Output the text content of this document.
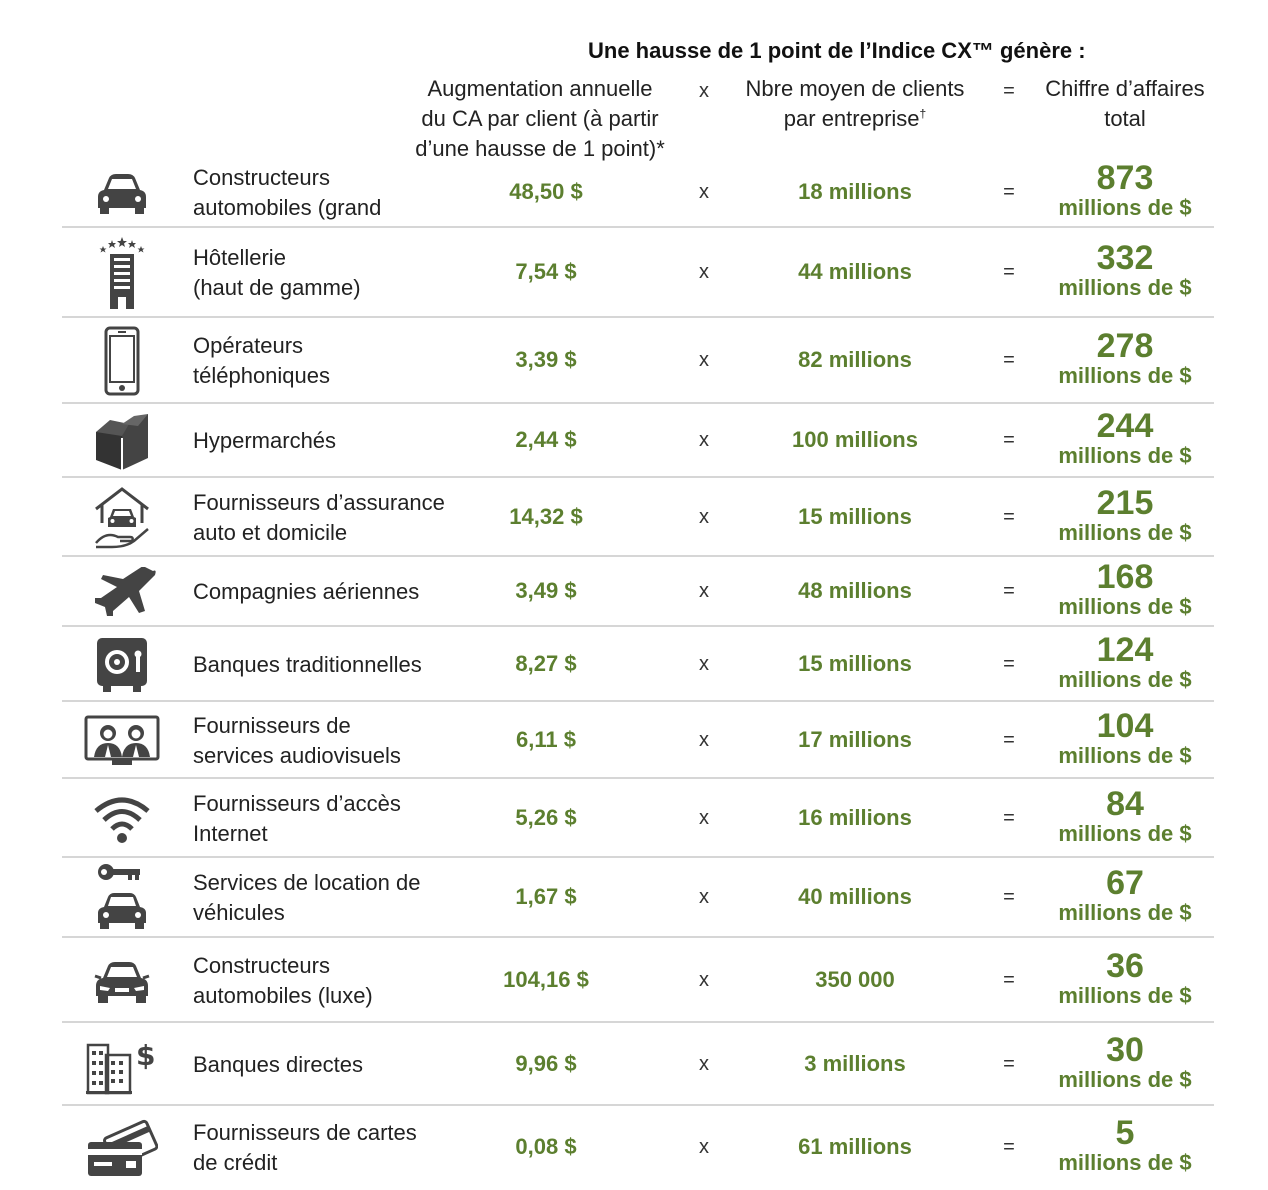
Une hausse de 1 point de l’Indice CX™ génère :
Augmentation annuelle
du CA par client (à partir
d’une hausse de 1 point)*
x	Nbre moyen de clients
par entreprise†
=	Chiffre d’affaires
total
Constructeurs
automobiles (grand
48,50 $	x	18 millions	=	873
millions de $
Hôtellerie
(haut de gamme)
7,54 $	x	44 millions	=	332
millions de $
Opérateurs
téléphoniques
3,39 $	x	82 millions	=	278
millions de $
Hypermarchés	2,44 $	x	100 millions	=	244
millions de $
Fournisseurs d’assurance
auto et domicile
14,32 $	x	15 millions	=	215
millions de $
Compagnies aériennes	3,49 $	x	48 millions	=	168
millions de $
Banques traditionnelles	8,27 $	x	15 millions	=	124
millions de $
Fournisseurs de
services audiovisuels
6,11 $	x	17 millions	=	104
millions de $
Fournisseurs d’accès
Internet
5,26 $	x	16 millions	=	84
millions de $
Services de location de
véhicules
1,67 $	x	40 millions	=	67
millions de $
Constructeurs
automobiles (luxe)
104,16 $	x	350 000	=	36
millions de $
$ Banques directes	9,96 $	x	3 millions	=	30
millions de $
Fournisseurs de cartes
de crédit
0,08 $	x	61 millions	=	5
millions de $
